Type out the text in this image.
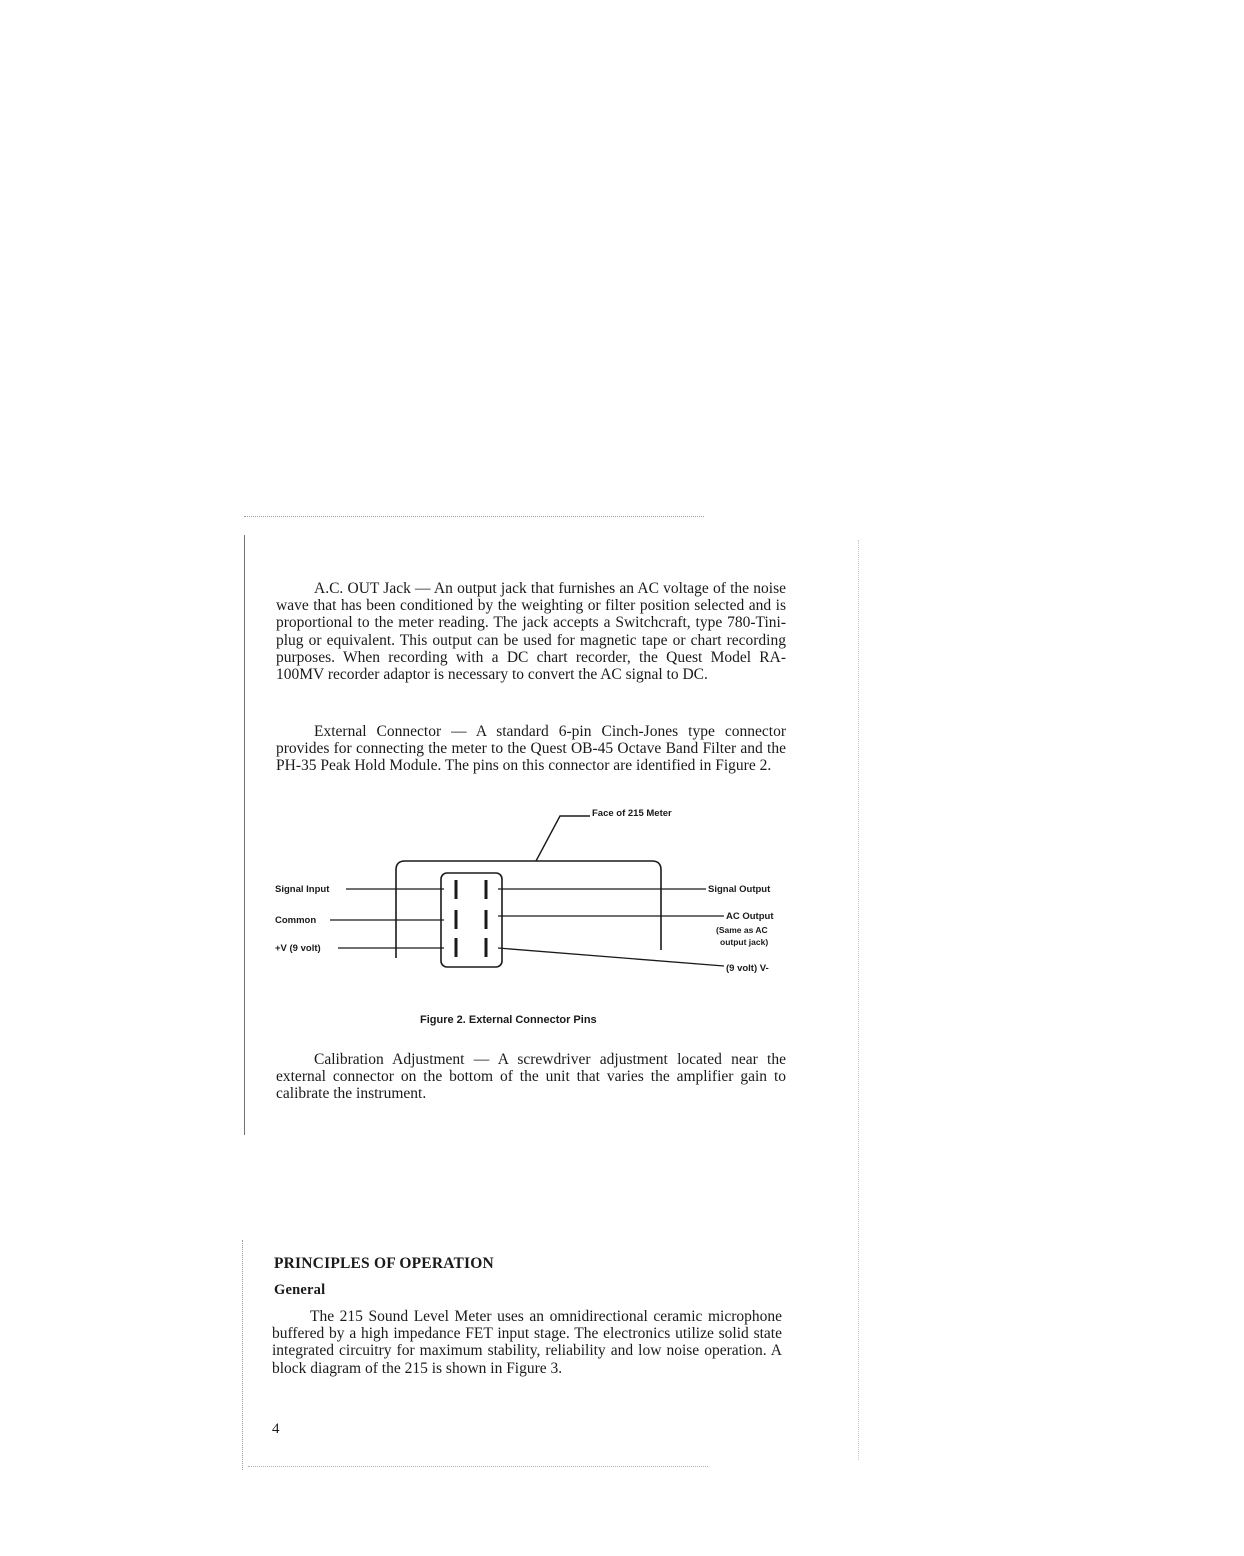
A.C. OUT Jack — An output jack that furnishes an AC voltage of the noise wave that has been conditioned by the weighting or filter position selected and is proportional to the meter reading. The jack accepts a Switchcraft, type 780-Tini-plug or equivalent. This output can be used for magnetic tape or chart recording purposes. When recording with a DC chart recorder, the Quest Model RA-100MV recorder adaptor is necessary to convert the AC signal to DC.

External Connector — A standard 6-pin Cinch-Jones type connector provides for connecting the meter to the Quest OB-45 Octave Band Filter and the PH-35 Peak Hold Module. The pins on this connector are identified in Figure 2.

Face of 215 Meter
Signal Input
Common
+V (9 volt)
Signal Output
AC Output
(Same as AC
output jack)
(9 volt) V-
Figure 2. External Connector Pins

Calibration Adjustment — A screwdriver adjustment located near the external connector on the bottom of the unit that varies the amplifier gain to calibrate the instrument.

PRINCIPLES OF OPERATION
General

The 215 Sound Level Meter uses an omnidirectional ceramic microphone buffered by a high impedance FET input stage. The electronics utilize solid state integrated circuitry for maximum stability, reliability and low noise operation. A block diagram of the 215 is shown in Figure 3.

4
